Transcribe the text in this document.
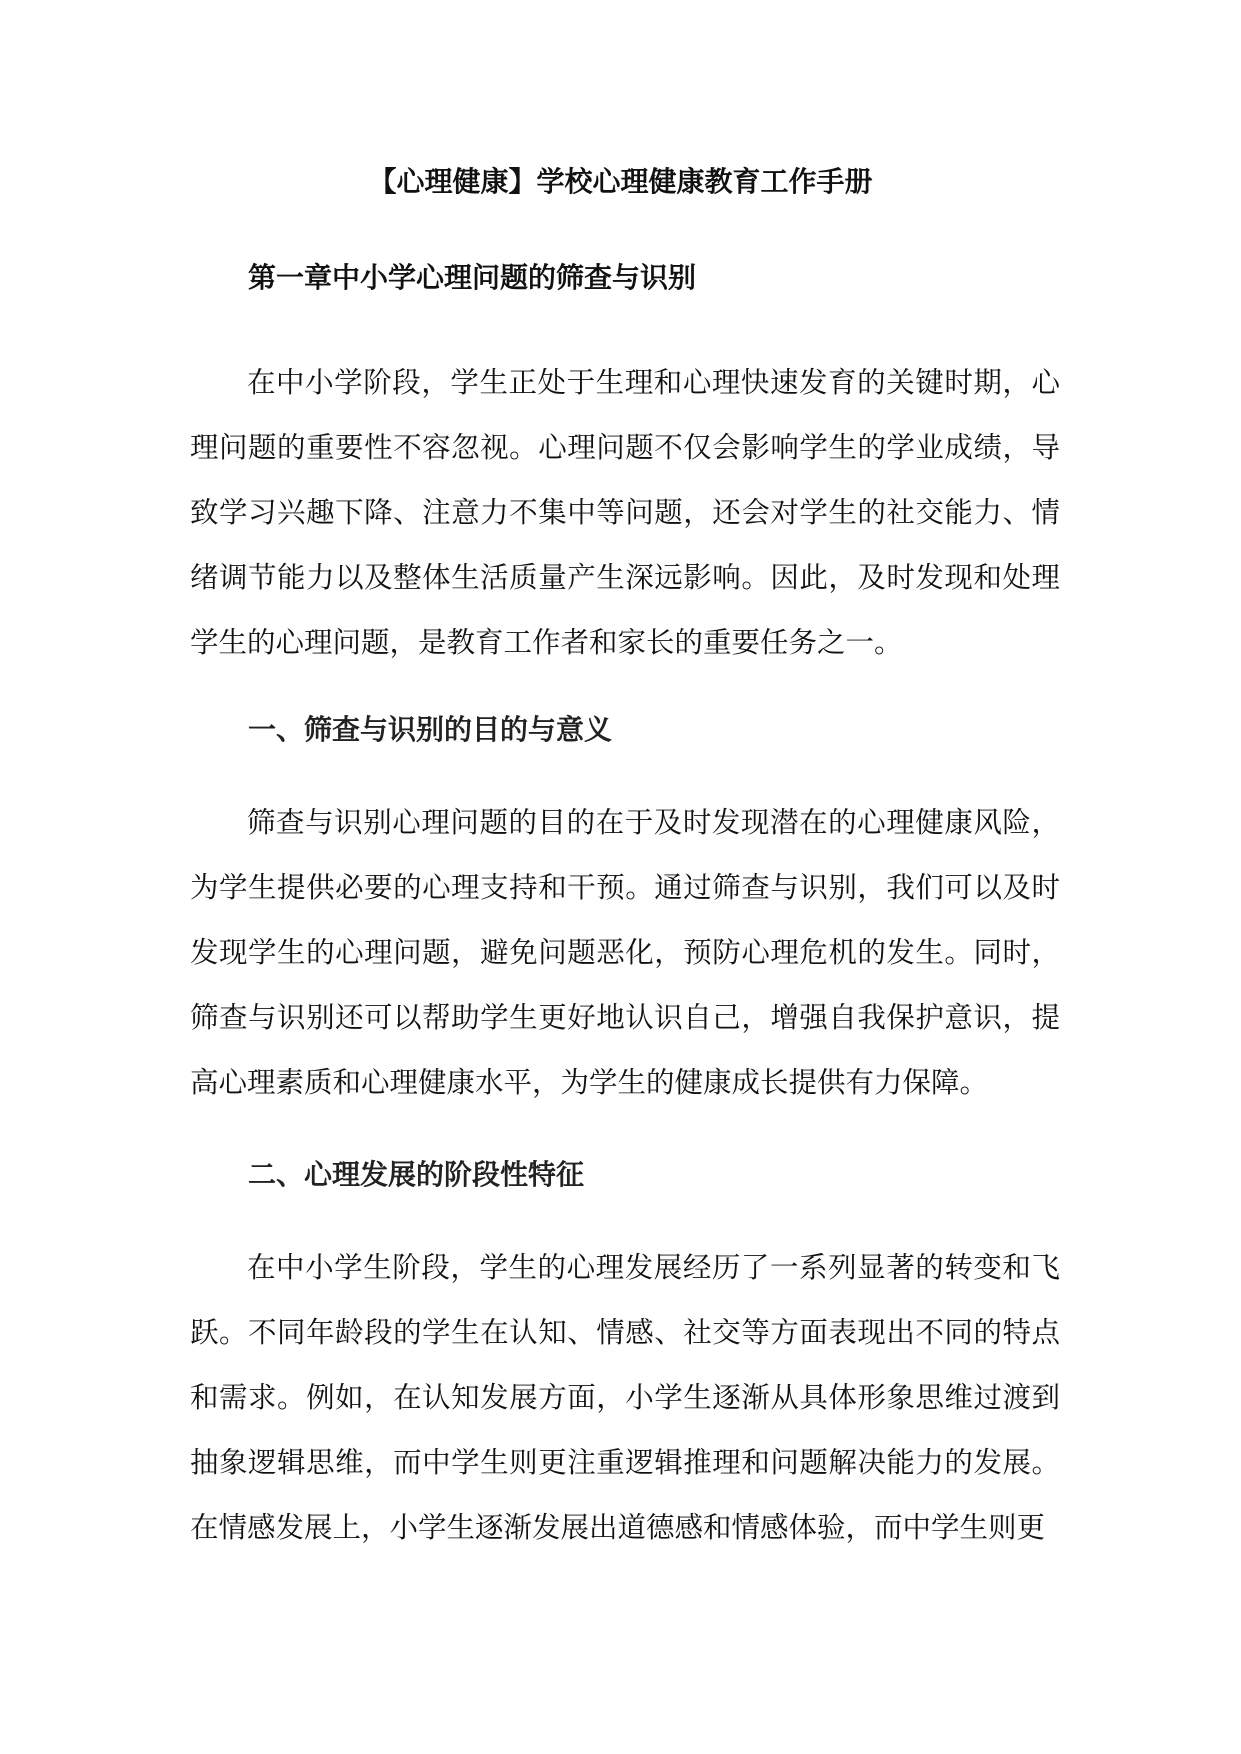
【心理健康】学校心理健康教育工作手册
第一章中小学心理问题的筛查与识别

在中小学阶段，学生正处于生理和心理快速发育的关键时期，心理问题的重要性不容忽视。心理问题不仅会影响学生的学业成绩，导致学习兴趣下降、注意力不集中等问题，还会对学生的社交能力、情绪调节能力以及整体生活质量产生深远影响。因此，及时发现和处理学生的心理问题，是教育工作者和家长的重要任务之一。

一、筛查与识别的目的与意义

筛查与识别心理问题的目的在于及时发现潜在的心理健康风险，为学生提供必要的心理支持和干预。通过筛查与识别，我们可以及时发现学生的心理问题，避免问题恶化，预防心理危机的发生。同时，筛查与识别还可以帮助学生更好地认识自己，增强自我保护意识，提高心理素质和心理健康水平，为学生的健康成长提供有力保障。

二、心理发展的阶段性特征

在中小学生阶段，学生的心理发展经历了一系列显著的转变和飞跃。不同年龄段的学生在认知、情感、社交等方面表现出不同的特点和需求。例如，在认知发展方面，小学生逐渐从具体形象思维过渡到抽象逻辑思维，而中学生则更注重逻辑推理和问题解决能力的发展。在情感发展上，小学生逐渐发展出道德感和情感体验，而中学生则更
